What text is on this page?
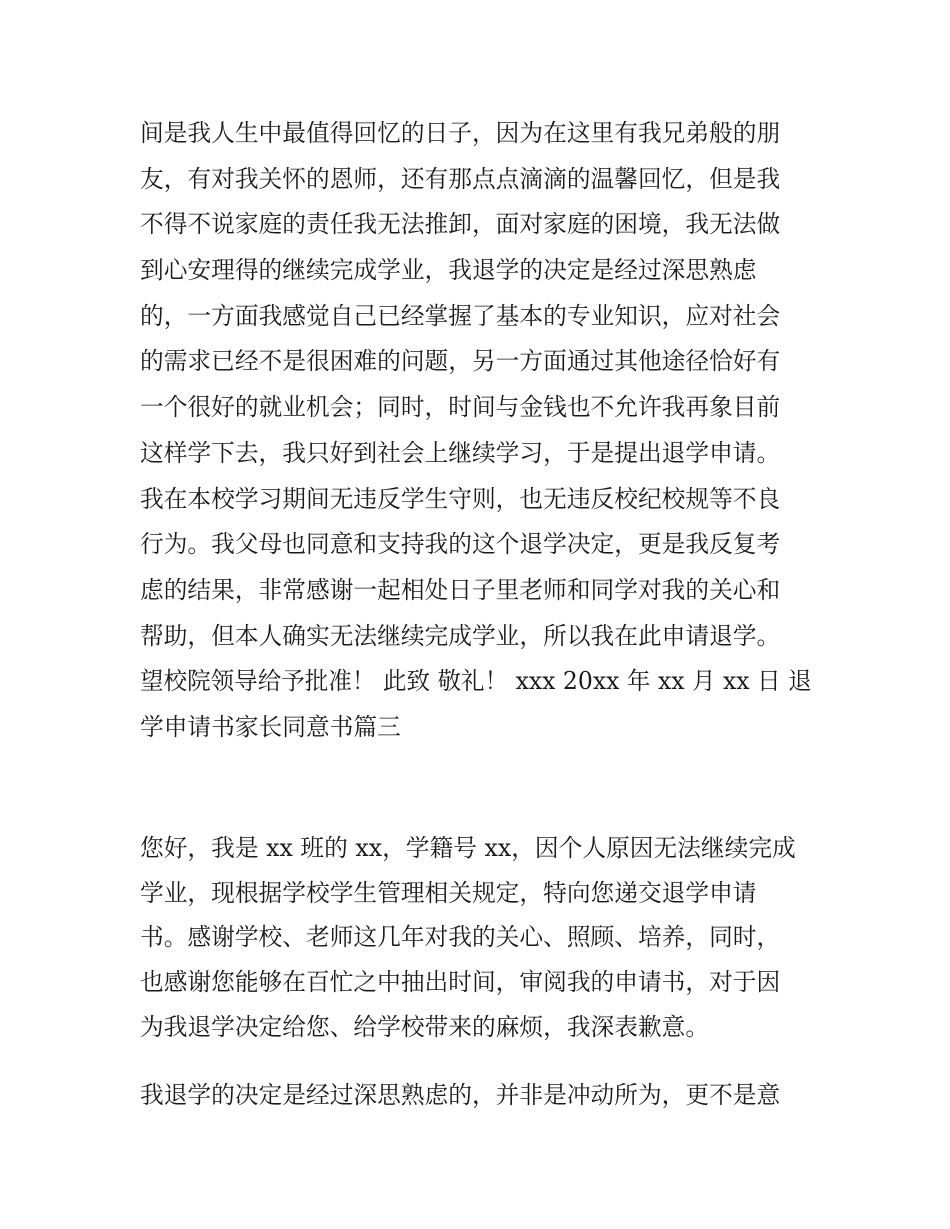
间是我人生中最值得回忆的日子，因为在这里有我兄弟般的朋
友，有对我关怀的恩师，还有那点点滴滴的温馨回忆，但是我
不得不说家庭的责任我无法推卸，面对家庭的困境，我无法做
到心安理得的继续完成学业，我退学的决定是经过深思熟虑
的，一方面我感觉自己已经掌握了基本的专业知识，应对社会
的需求已经不是很困难的问题，另一方面通过其他途径恰好有
一个很好的就业机会；同时，时间与金钱也不允许我再象目前
这样学下去，我只好到社会上继续学习，于是提出退学申请。
我在本校学习期间无违反学生守则，也无违反校纪校规等不良
行为。我父母也同意和支持我的这个退学决定，更是我反复考
虑的结果，非常感谢一起相处日子里老师和同学对我的关心和
帮助，但本人确实无法继续完成学业，所以我在此申请退学。
望校院领导给予批准！ 此致 敬礼！ xxx 20xx 年 xx 月 xx 日 退
学申请书家长同意书篇三
您好，我是 xx 班的 xx，学籍号 xx，因个人原因无法继续完成
学业，现根据学校学生管理相关规定，特向您递交退学申请
书。感谢学校、老师这几年对我的关心、照顾、培养，同时，
也感谢您能够在百忙之中抽出时间，审阅我的申请书，对于因
为我退学决定给您、给学校带来的麻烦，我深表歉意。
我退学的决定是经过深思熟虑的，并非是冲动所为，更不是意
